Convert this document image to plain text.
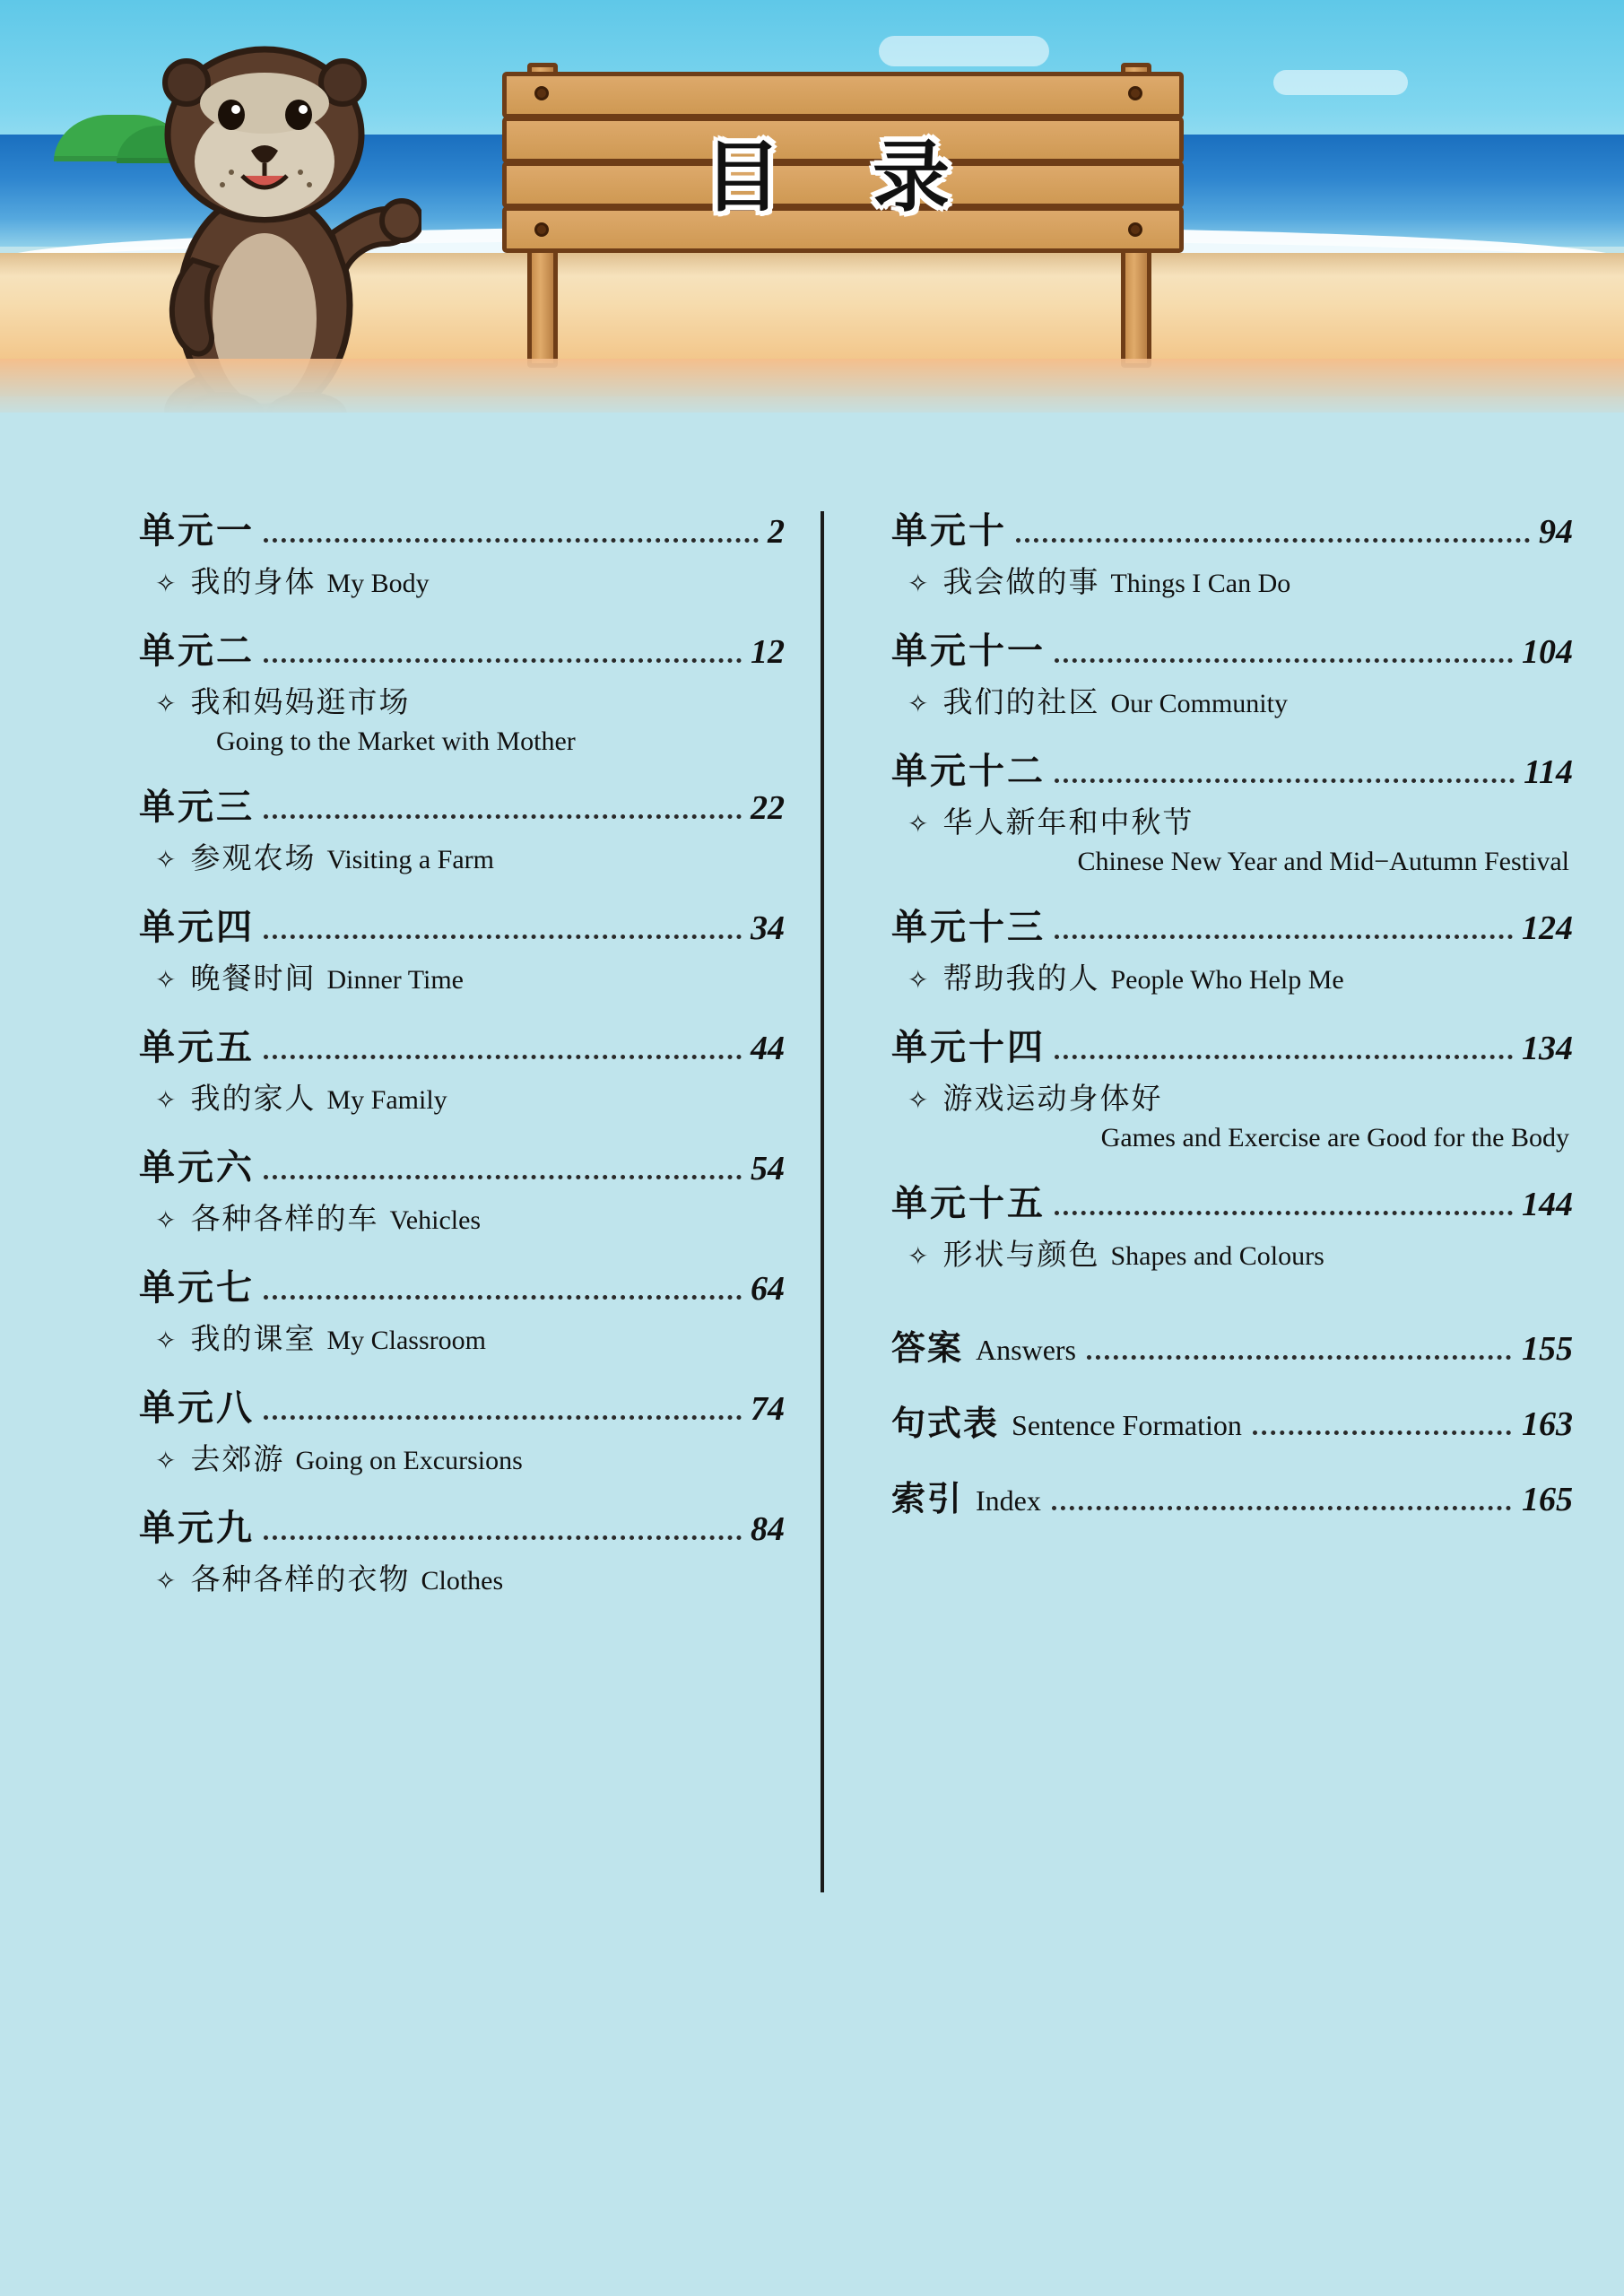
目 录
单元一	2
✧ 我的身体 My Body
单元二	12
✧ 我和妈妈逛市场
Going to the Market with Mother
单元三	22
✧ 参观农场 Visiting a Farm
单元四	34
✧ 晚餐时间 Dinner Time
单元五	44
✧ 我的家人 My Family
单元六	54
✧ 各种各样的车 Vehicles
单元七	64
✧ 我的课室 My Classroom
单元八	74
✧ 去郊游 Going on Excursions
单元九	84
✧ 各种各样的衣物 Clothes
单元十	94
✧ 我会做的事 Things I Can Do
单元十一	104
✧ 我们的社区 Our Community
单元十二	114
✧ 华人新年和中秋节
Chinese New Year and Mid−Autumn Festival
单元十三	124
✧ 帮助我的人 People Who Help Me
单元十四	134
✧ 游戏运动身体好
Games and Exercise are Good for the Body
单元十五	144
✧ 形状与颜色 Shapes and Colours
答案 Answers	155
句式表 Sentence Formation	163
索引 Index	165
